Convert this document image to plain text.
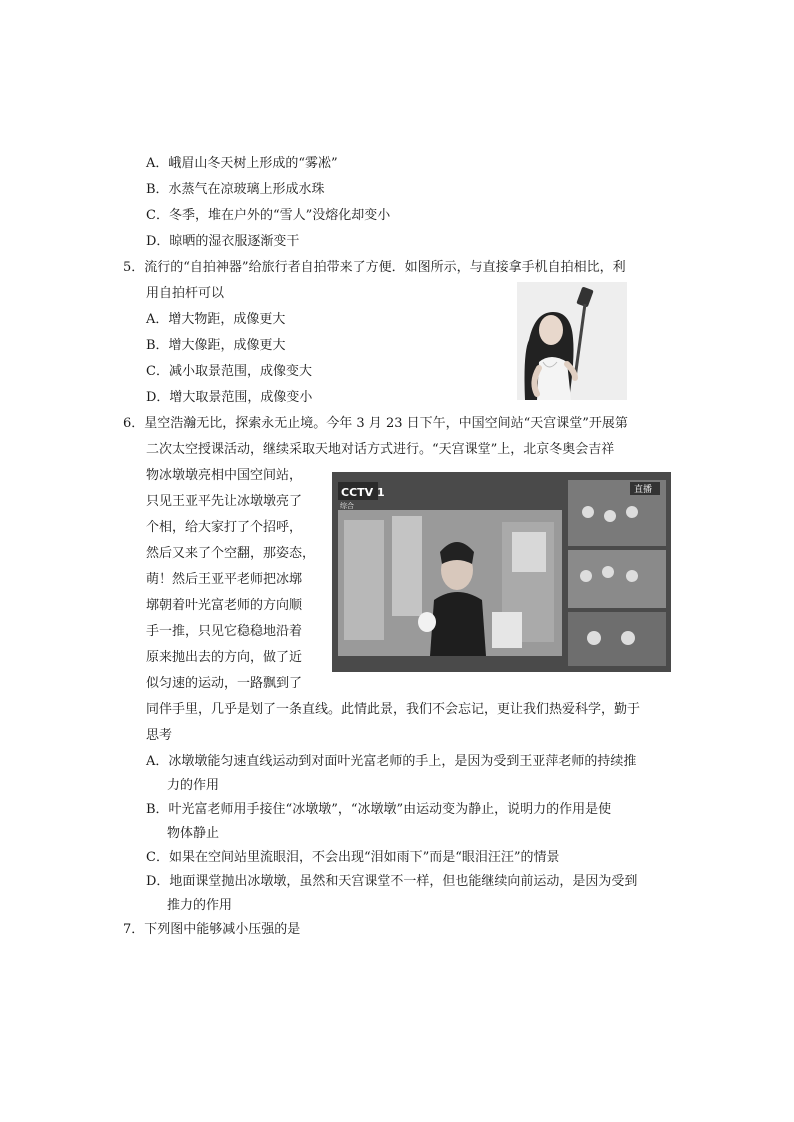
A．峨眉山冬天树上形成的“雾凇”
B．水蒸气在凉玻璃上形成水珠
C．冬季，堆在户外的“雪人”没熔化却变小
D．晾晒的湿衣服逐渐变干
5．流行的“自拍神器”给旅行者自拍带来了方便．如图所示，与直接拿手机自拍相比，利
用自拍杆可以
A．增大物距，成像更大
B．增大像距，成像更大
C．减小取景范围，成像变大
D．增大取景范围，成像变小
6．星空浩瀚无比，探索永无止境。今年 3 月 23 日下午，中国空间站“天宫课堂”开展第
二次太空授课活动，继续采取天地对话方式进行。“天宫课堂”上，北京冬奥会吉祥
物冰墩墩亮相中国空间站，
只见王亚平先让冰墩墩亮了
个相，给大家打了个招呼，
然后又来了个空翻，那姿态，
萌！然后王亚平老师把冰墎
墎朝着叶光富老师的方向顺
手一推，只见它稳稳地沿着
原来抛出去的方向，做了近
似匀速的运动，一路飘到了
同伴手里，几乎是划了一条直线。此情此景，我们不会忘记，更让我们热爱科学，勤于
思考
CCTV 1
综合
直播
A．冰墩墩能匀速直线运动到对面叶光富老师的手上，是因为受到王亚萍老师的持续推
力的作用
B．叶光富老师用手接住“冰墩墩”，“冰墩墩”由运动变为静止，说明力的作用是使
物体静止
C．如果在空间站里流眼泪，不会出现“泪如雨下”而是“眼泪汪汪”的情景
D．地面课堂抛出冰墩墩，虽然和天宫课堂不一样，但也能继续向前运动，是因为受到
推力的作用
7．下列图中能够减小压强的是
